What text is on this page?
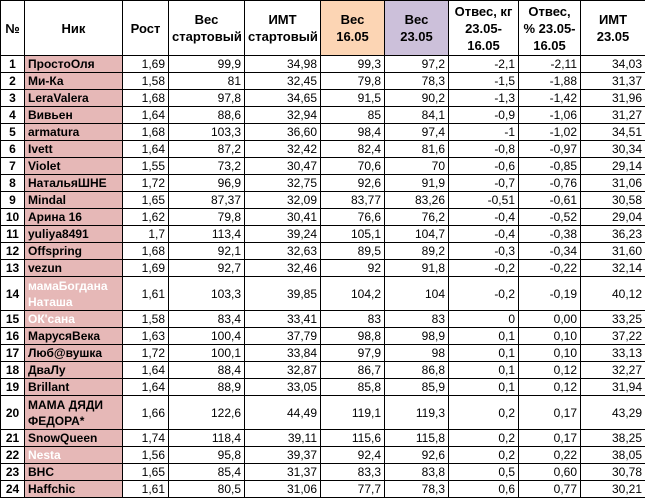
№	Ник	Рост	Вес стартовый	ИМТ стартовый	Вес 16.05	Вес 23.05	Отвес, кг 23.05-16.05	Отвес, % 23.05-16.05	ИМТ 23.05
1	ПростоОля	1,69	99,9	34,98	99,3	97,2	-2,1	-2,11	34,03
2	Ми-Ка	1,58	81	32,45	79,8	78,3	-1,5	-1,88	31,37
3	LeraValera	1,68	97,8	34,65	91,5	90,2	-1,3	-1,42	31,96
4	Вивьен	1,64	88,6	32,94	85	84,1	-0,9	-1,06	31,27
5	armatura	1,68	103,3	36,60	98,4	97,4	-1	-1,02	34,51
6	Ivett	1,64	87,2	32,42	82,4	81,6	-0,8	-0,97	30,34
7	Violet	1,55	73,2	30,47	70,6	70	-0,6	-0,85	29,14
8	НатальяШНЕ	1,72	96,9	32,75	92,6	91,9	-0,7	-0,76	31,06
9	Mindal	1,65	87,37	32,09	83,77	83,26	-0,51	-0,61	30,58
10	Арина 16	1,62	79,8	30,41	76,6	76,2	-0,4	-0,52	29,04
11	yuliya8491	1,7	113,4	39,24	105,1	104,7	-0,4	-0,38	36,23
12	Offspring	1,68	92,1	32,63	89,5	89,2	-0,3	-0,34	31,60
13	vezun	1,69	92,7	32,46	92	91,8	-0,2	-0,22	32,14
14	мамаБогдана Наташа	1,61	103,3	39,85	104,2	104	-0,2	-0,19	40,12
15	ОК'сана	1,58	83,4	33,41	83	83	0	0,00	33,25
16	МарусяВека	1,63	100,4	37,79	98,8	98,9	0,1	0,10	37,22
17	Люб@вушка	1,72	100,1	33,84	97,9	98	0,1	0,10	33,13
18	ДваЛу	1,64	88,4	32,87	86,7	86,8	0,1	0,12	32,27
19	Brillant	1,64	88,9	33,05	85,8	85,9	0,1	0,12	31,94
20	МАМА ДЯДИ ФЕДОРА*	1,66	122,6	44,49	119,1	119,3	0,2	0,17	43,29
21	SnowQueen	1,74	118,4	39,11	115,6	115,8	0,2	0,17	38,25
22	Nesta	1,56	95,8	39,37	92,4	92,6	0,2	0,22	38,05
23	ВНС	1,65	85,4	31,37	83,3	83,8	0,5	0,60	30,78
24	Haffchic	1,61	80,5	31,06	77,7	78,3	0,6	0,77	30,21
